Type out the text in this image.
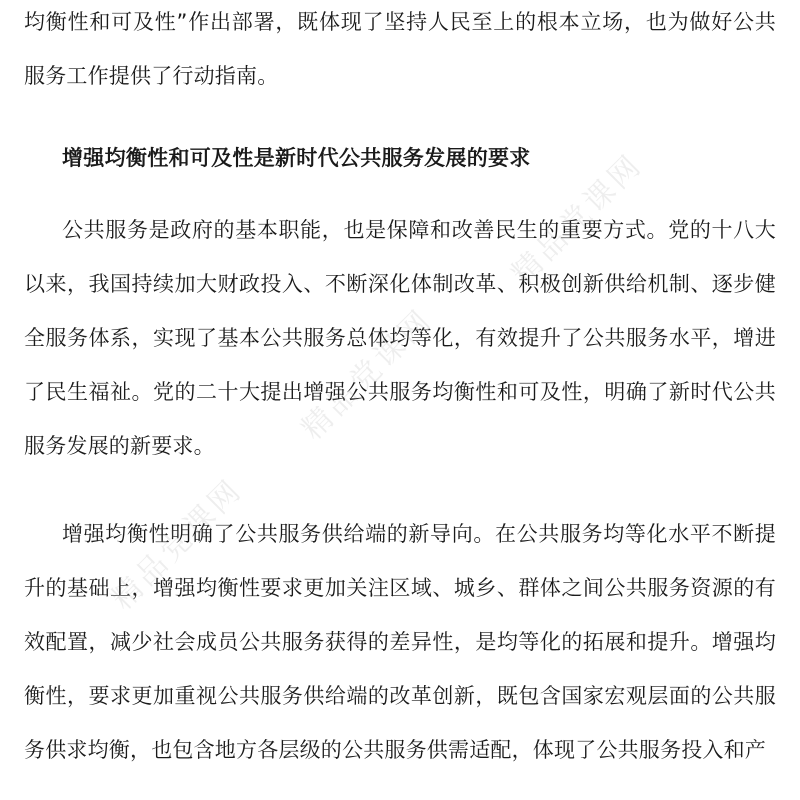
均衡性和可及性”作出部署，既体现了坚持人民至上的根本立场，也为做好公共服务工作提供了行动指南。

增强均衡性和可及性是新时代公共服务发展的要求

公共服务是政府的基本职能，也是保障和改善民生的重要方式。党的十八大以来，我国持续加大财政投入、不断深化体制改革、积极创新供给机制、逐步健全服务体系，实现了基本公共服务总体均等化，有效提升了公共服务水平，增进了民生福祉。党的二十大提出增强公共服务均衡性和可及性，明确了新时代公共服务发展的新要求。

增强均衡性明确了公共服务供给端的新导向。在公共服务均等化水平不断提升的基础上，增强均衡性要求更加关注区域、城乡、群体之间公共服务资源的有效配置，减少社会成员公共服务获得的差异性，是均等化的拓展和提升。增强均衡性，要求更加重视公共服务供给端的改革创新，既包含国家宏观层面的公共服务供求均衡，也包含地方各层级的公共服务供需适配，体现了公共服务投入和产

精品党课网
精品党课网
精品党课网
